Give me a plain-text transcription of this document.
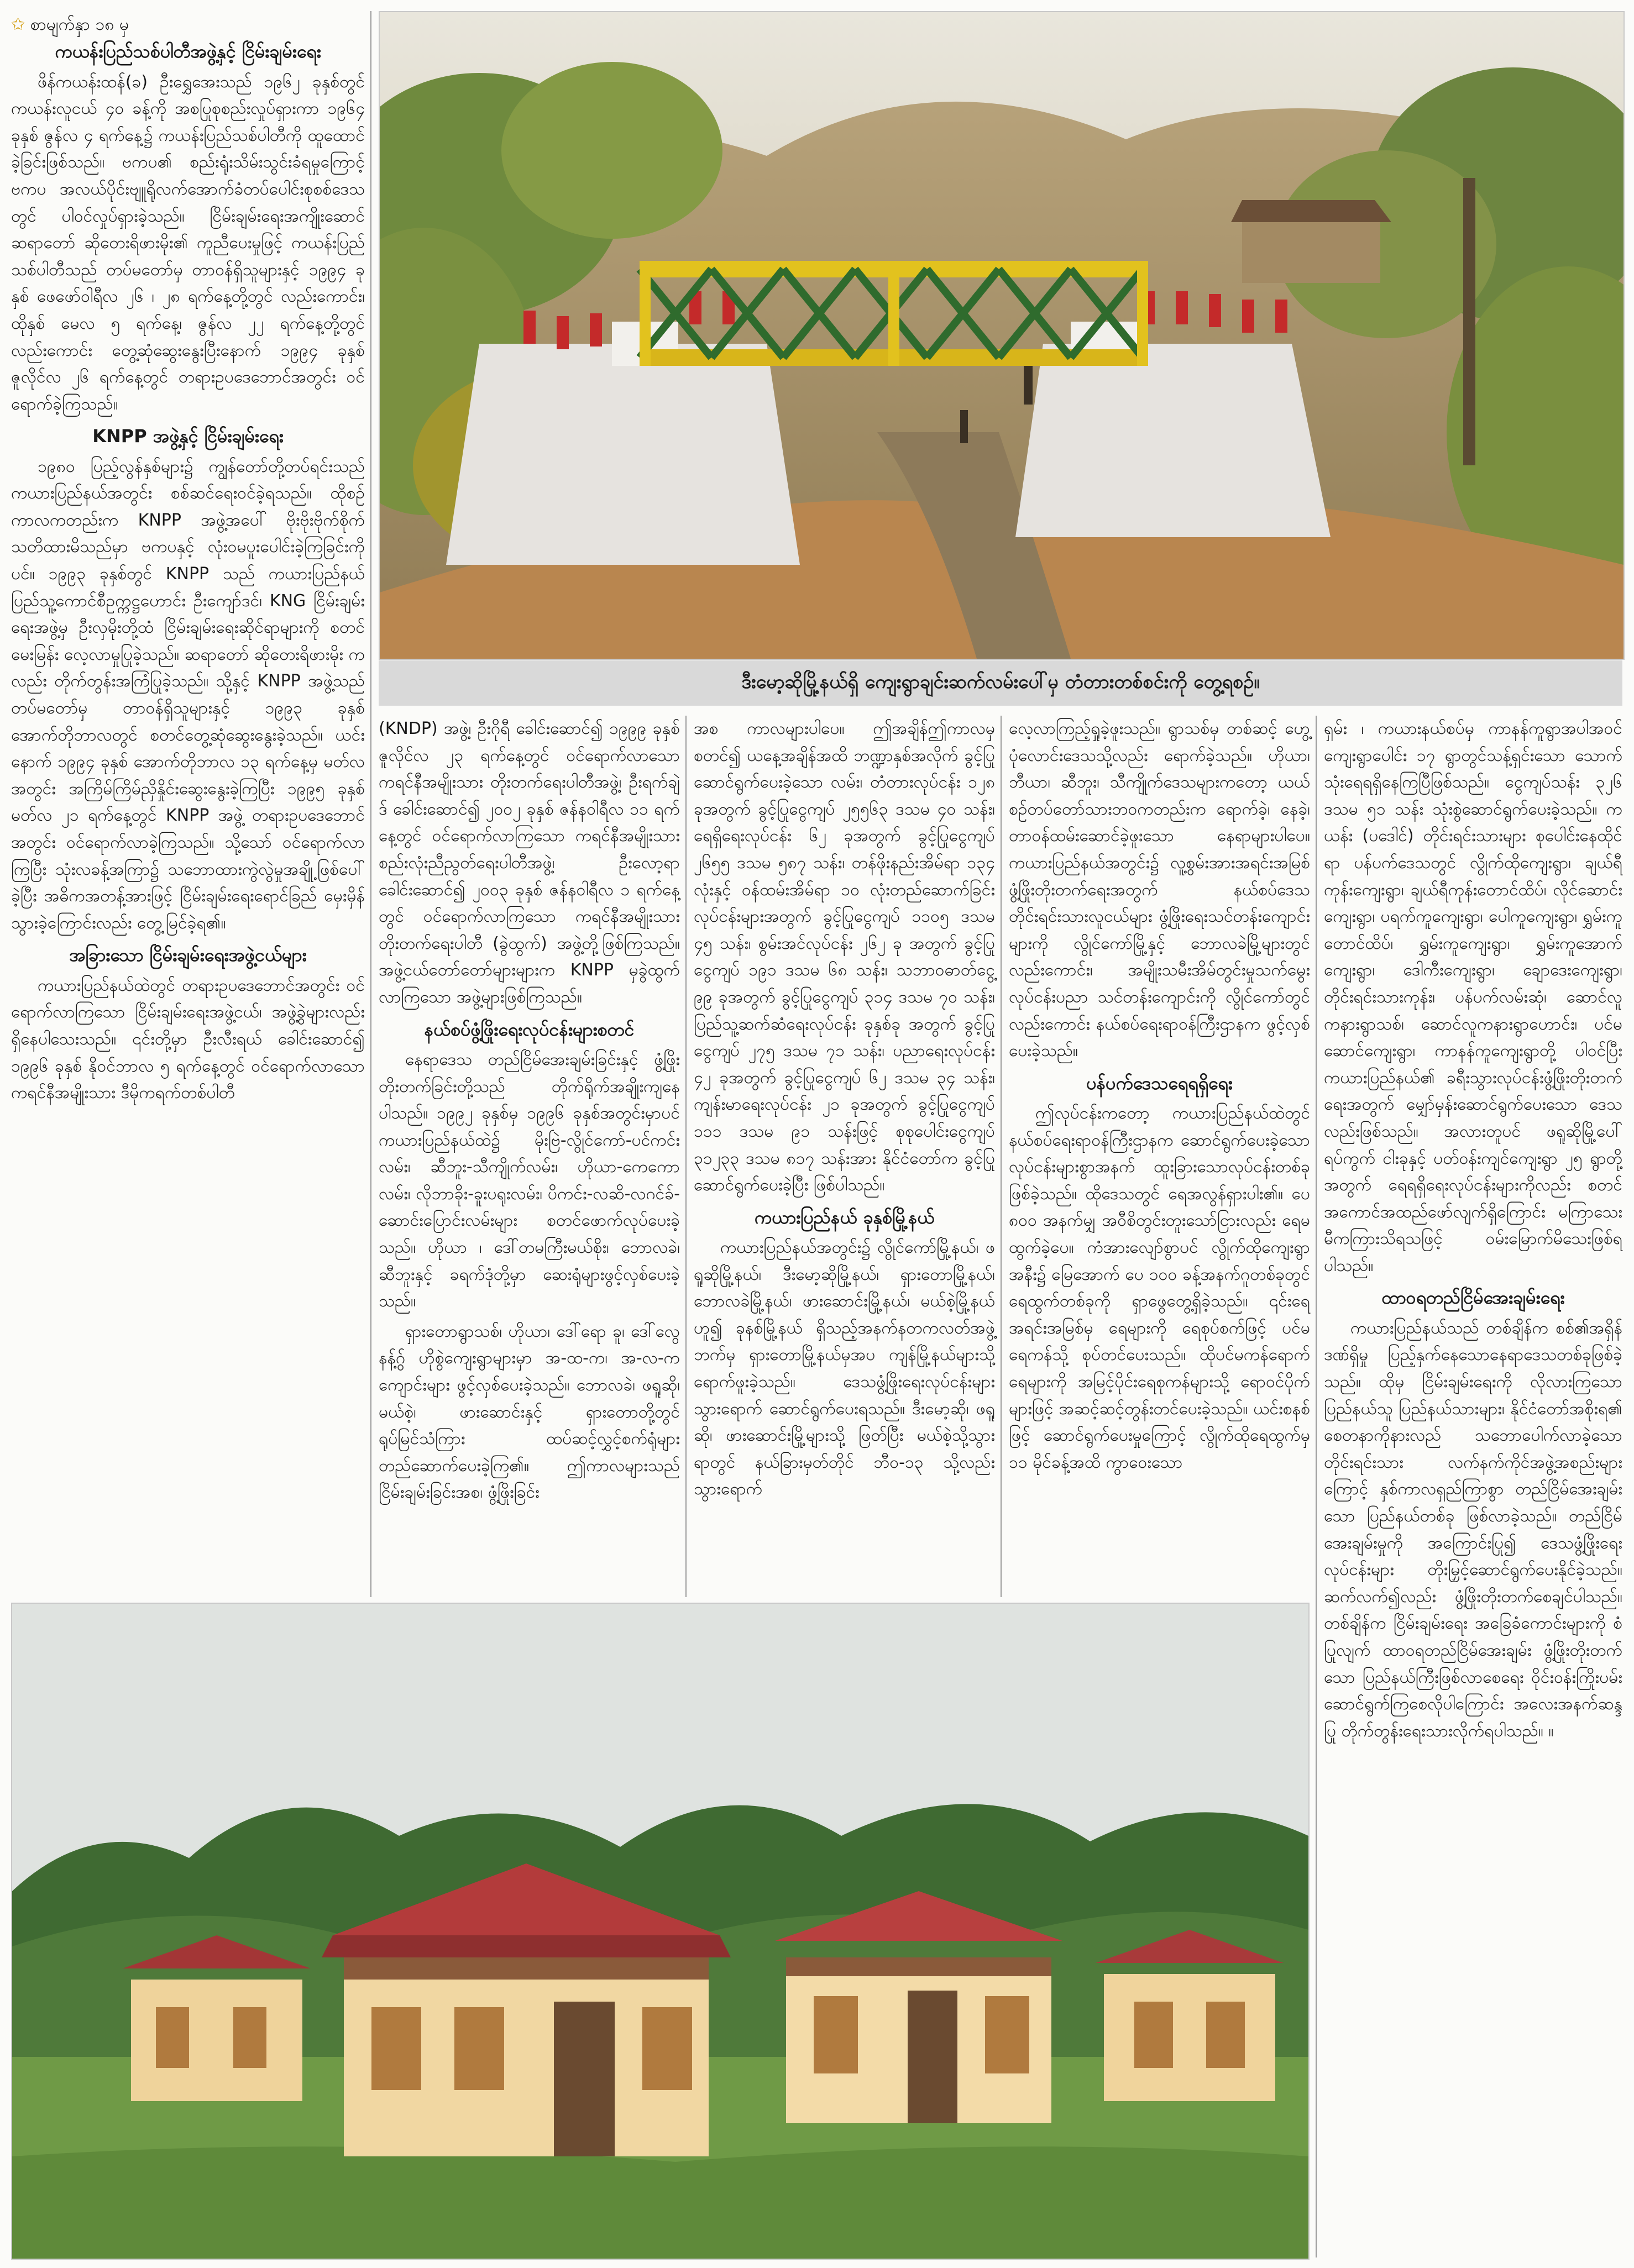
ဒီးမော့ဆိုမြို့နယ်ရှိ ကျေးရွာချင်းဆက်လမ်းပေါ်မှ တံတားတစ်စင်းကို တွေ့ရစဉ်။
✩ စာမျက်နှာ ၁၈ မှ
ကယန်းပြည်သစ်ပါတီအဖွဲ့နှင့် ငြိမ်းချမ်းရေး

ဖိန်ကယန်းထန်(ခ) ဦးရွှေအေးသည် ၁၉၆၂ ခုနှစ်တွင် ကယန်းလူငယ် ၄၀ ခန့်ကို အစပြုစုစည်းလှုပ်ရှားကာ ၁၉၆၄ ခုနှစ် ဇွန်လ ၄ ရက်နေ့၌ ကယန်းပြည်သစ်ပါတီကို ထူထောင်ခဲ့ခြင်းဖြစ်သည်။ ဗကပ၏ စည်းရုံးသိမ်းသွင်းခံရမှုကြောင့် ဗကပ အလယ်ပိုင်းဗျူရိုလက်အောက်ခံတပ်ပေါင်းစုစစ်ဒေသတွင် ပါဝင်လှုပ်ရှားခဲ့သည်။ ငြိမ်းချမ်းရေးအကျိုးဆောင် ဆရာတော် ဆိုတေးရိဖားမိုး၏ ကူညီပေးမှုဖြင့် ကယန်းပြည်သစ်ပါတီသည် တပ်မတော်မှ တာဝန်ရှိသူများနှင့် ၁၉၉၄ ခုနှစ် ဖေဖော်ဝါရီလ ၂၆ ၊ ၂၈ ရက်နေ့တို့တွင် လည်းကောင်း၊ ထိုနှစ် မေလ ၅ ရက်နေ့၊ ဇွန်လ ၂၂ ရက်နေ့တို့တွင်လည်းကောင်း တွေ့ဆုံဆွေးနွေးပြီးနောက် ၁၉၉၄ ခုနှစ် ဇူလိုင်လ ၂၆ ရက်နေ့တွင် တရားဥပဒေဘောင်အတွင်း ဝင်ရောက်ခဲ့ကြသည်။

KNPP အဖွဲ့နှင့် ငြိမ်းချမ်းရေး

၁၉၈၀ ပြည့်လွန်နှစ်များ၌ ကျွန်တော်တို့တပ်ရင်းသည် ကယားပြည်နယ်အတွင်း စစ်ဆင်ရေးဝင်ခဲ့ရသည်။ ထိုစဉ်ကာလကတည်းက KNPP အဖွဲ့အပေါ် ဗိုးဗိုးဗိုက်စိုက် သတိထားမိသည်မှာ ဗကပနှင့် လုံးဝမပူးပေါင်းခဲ့ကြခြင်းကိုပင်။ ၁၉၉၃ ခုနှစ်တွင် KNPP သည် ကယားပြည်နယ် ပြည်သူ့ကောင်စီဥက္ကဋ္ဌဟောင်း ဦးကျော်ဒင်၊ KNG ငြိမ်းချမ်းရေးအဖွဲ့မှ ဦးလှမိုးတို့ထံ ငြိမ်းချမ်းရေးဆိုင်ရာများကို စတင်မေးမြန်း လေ့လာမှုပြုခဲ့သည်။ ဆရာတော် ဆိုတေးရိဖားမိုး ကလည်း တိုက်တွန်းအကြံပြုခဲ့သည်။ သို့နှင့် KNPP အဖွဲ့သည် တပ်မတော်မှ တာဝန်ရှိသူများနှင့် ၁၉၉၃ ခုနှစ် အောက်တိုဘာလတွင် စတင်တွေ့ဆုံဆွေးနွေးခဲ့သည်။ ယင်းနောက် ၁၉၉၄ ခုနှစ် အောက်တိုဘာလ ၁၃ ရက်နေ့မှ မတ်လအတွင်း အကြိမ်ကြိမ်ညှိနှိုင်းဆွေးနွေးခဲ့ကြပြီး ၁၉၉၅ ခုနှစ် မတ်လ ၂၁ ရက်နေ့တွင် KNPP အဖွဲ့ တရားဥပဒေဘောင်အတွင်း ဝင်ရောက်လာခဲ့ကြသည်။ သို့သော် ဝင်ရောက်လာကြပြီး သုံးလခန့်အကြာ၌ သဘောထားကွဲလွဲမှုအချို့ဖြစ်ပေါ်ခဲ့ပြီး အဓိကအတန့်အားဖြင့် ငြိမ်းချမ်းရေးရောင်ခြည် မှေးမှိန်သွားခဲ့ကြောင်းလည်း တွေ့မြင်ခဲ့ရ၏။

အခြားသော ငြိမ်းချမ်းရေးအဖွဲ့ငယ်များ

ကယားပြည်နယ်ထဲတွင် တရားဥပဒေဘောင်အတွင်း ဝင်ရောက်လာကြသော ငြိမ်းချမ်းရေးအဖွဲ့ငယ်၊ အဖွဲ့ခွဲများလည်း ရှိနေပါသေးသည်။ ၎င်းတို့မှာ ဦးလီးရယ် ခေါင်းဆောင်၍ ၁၉၉၆ ခုနှစ် နိုဝင်ဘာလ ၅ ရက်နေ့တွင် ဝင်ရောက်လာသော ကရင်နီအမျိုးသား ဒီမိုကရက်တစ်ပါတီ

(KNDP) အဖွဲ့၊ ဦးဂိုရီ ခေါင်းဆောင်၍ ၁၉၉၉ ခုနှစ် ဇူလိုင်လ ၂၃ ရက်နေ့တွင် ဝင်ရောက်လာသော ကရင်နီအမျိုးသား တိုးတက်ရေးပါတီအဖွဲ့၊ ဦးရက်ချဲဒ် ခေါင်းဆောင်၍ ၂၀၀၂ ခုနှစ် ဇန်နဝါရီလ ၁၁ ရက်နေ့တွင် ဝင်ရောက်လာကြသော ကရင်နီအမျိုးသားစည်းလုံးညီညွတ်ရေးပါတီအဖွဲ့၊ ဦးလော့ရာခေါင်းဆောင်၍ ၂၀၀၃ ခုနှစ် ဇန်နဝါရီလ ၁ ရက်နေ့တွင် ဝင်ရောက်လာကြသော ကရင်နီအမျိုးသားတိုးတက်ရေးပါတီ (ခွဲထွက်) အဖွဲ့တို့ဖြစ်ကြသည်။ အဖွဲ့ငယ်တော်တော်များများက KNPP မှခွဲထွက်လာကြသော အဖွဲ့များဖြစ်ကြသည်။

နယ်စပ်ဖွံ့ဖြိုးရေးလုပ်ငန်းများစတင်

နေရာဒေသ တည်ငြိမ်အေးချမ်းခြင်းနှင့် ဖွံ့ဖြိုးတိုးတက်ခြင်းတို့သည် တိုက်ရိုက်အချိုးကျနေပါသည်။ ၁၉၉၂ ခုနှစ်မှ ၁၉၉၆ ခုနှစ်အတွင်းမှာပင် ကယားပြည်နယ်ထဲ၌ မိုးဗြဲ-လွိုင်ကော်-ပင်ကင်းလမ်း၊ ဆီဘူး-သီကျိုက်လမ်း၊ ဟိုယာ-ကေကောလမ်း၊ လိုဘာခိုး-ခူးပရုးလမ်း၊ ပိကင်း-လဆိ-လဂင်ခ်-ဆောင်းပြောင်းလမ်းများ စတင်ဖောက်လုပ်ပေးခဲ့သည်။ ဟိုယာ ၊ ဒေါ်တမကြီးမယ်စိုး၊ ဘောလခဲ၊ ဆီဘူးနှင့် ခရက်ဒုံတို့မှာ ဆေးရုံများဖွင့်လှစ်ပေးခဲ့သည်။

ရှားတောရွာသစ်၊ ဟိုယာ၊ ဒေါ်ရော ခူ၊ ဒေါ်လွေနန့်ဂွ် ဟိုစွဲကျေးရွာများမှာ အ-ထ-က၊ အ-လ-က ကျောင်းများ ဖွင့်လှစ်ပေးခဲ့သည်။ ဘောလခဲ၊ ဖရူဆို၊ မယ်စဲ့၊ ဖားဆောင်းနှင့် ရှားတောတို့တွင် ရုပ်မြင်သံကြား ထပ်ဆင့်လွှင့်စက်ရုံများ တည်ဆောက်ပေးခဲ့ကြ၏။ ဤကာလများသည် ငြိမ်းချမ်းခြင်းအစ၊ ဖွံ့ဖြိုးခြင်း

အစ ကာလများပါပေ။ ဤအချိန်ဤကာလမှစတင်၍ ယနေ့အချိန်အထိ ဘဏ္ဍာနှစ်အလိုက် ခွင့်ပြုဆောင်ရွက်ပေးခဲ့သော လမ်း၊ တံတားလုပ်ငန်း ၁၂၈ ခုအတွက် ခွင့်ပြုငွေကျပ် ၂၅၅၆၃ ဒသမ ၄၀ သန်း၊ ရေရှိရေးလုပ်ငန်း ၆၂ ခုအတွက် ခွင့်ပြုငွေကျပ် ၂၆၅၅ ဒသမ ၅၈၇ သန်း၊ တန်ဖိုးနည်းအိမ်ရာ ၁၃၄ လုံးနှင့် ဝန်ထမ်းအိမ်ရာ ၁၀ လုံးတည်ဆောက်ခြင်းလုပ်ငန်းများအတွက် ခွင့်ပြုငွေကျပ် ၁၁၀၅ ဒသမ ၄၅ သန်း၊ စွမ်းအင်လုပ်ငန်း ၂၆၂ ခု အတွက် ခွင့်ပြုငွေကျပ် ၁၉၁ ဒသမ ၆၈ သန်း၊ သဘာဝဓာတ်ငွေ့ ၉၉ ခုအတွက် ခွင့်ပြုငွေကျပ် ၃၁၄ ဒသမ ၇၀ သန်း၊ ပြည်သူ့ဆက်ဆံရေးလုပ်ငန်း ခုနှစ်ခု အတွက် ခွင့်ပြုငွေကျပ် ၂၇၅ ဒသမ ၇၁ သန်း၊ ပညာရေးလုပ်ငန်း ၄၂ ခုအတွက် ခွင့်ပြုငွေကျပ် ၆၂ ဒသမ ၃၄ သန်း၊ ကျန်းမာရေးလုပ်ငန်း ၂၁ ခုအတွက် ခွင့်ပြုငွေကျပ် ၁၁၁ ဒသမ ၉၁ သန်းဖြင့် စုစုပေါင်းငွေကျပ် ၃၁၂၃၃ ဒသမ ၈၁၇ သန်းအား နိုင်ငံတော်က ခွင့်ပြုဆောင်ရွက်ပေးခဲ့ပြီး ဖြစ်ပါသည်။

ကယားပြည်နယ် ခုနှစ်မြို့နယ်

ကယားပြည်နယ်အတွင်း၌ လွိုင်ကော်မြို့နယ်၊ ဖရူဆိုမြို့နယ်၊ ဒီးမော့ဆိုမြို့နယ်၊ ရှားတောမြို့နယ်၊ ဘောလခဲမြို့နယ်၊ ဖားဆောင်းမြို့နယ်၊ မယ်စဲ့မြို့နယ်ဟူ၍ ခုနစ်မြို့နယ် ရှိသည့်အနက်နတကလတ်အဖွဲ့ဘက်မှ ရှားတောမြို့နယ်မှအပ ကျန်မြို့နယ်များသို့ ရောက်ဖူးခဲ့သည်။ ဒေသဖွံ့ဖြိုးရေးလုပ်ငန်းများသွားရောက် ဆောင်ရွက်ပေးရသည်။ ဒီးမော့ဆို၊ ဖရူဆို၊ ဖားဆောင်းမြို့များသို့ ဖြတ်ပြီး မယ်စဲ့သို့သွားရာတွင် နယ်ခြားမှတ်တိုင် ဘီ၀-၁၃ သို့လည်း သွားရောက်

လေ့လာကြည့်ရှုခဲ့ဖူးသည်။ ရွာသစ်မှ တစ်ဆင့် ဟွေ့ပုံလောင်းဒေသသို့လည်း ရောက်ခဲ့သည်။ ဟိုယာ၊ ဘီယာ၊ ဆီဘူး၊ သီကျိုက်ဒေသများကတော့ ယယ်စဉ်တပ်တော်သားဘဝကတည်းက ရောက်ခဲ့၊ နေခဲ့၊ တာဝန်ထမ်းဆောင်ခဲ့ဖူးသော နေရာများပါပေ။ ကယားပြည်နယ်အတွင်း၌ လူ့စွမ်းအားအရင်းအမြစ်ဖွံ့ဖြိုးတိုးတက်ရေးအတွက် နယ်စပ်ဒေသတိုင်းရင်းသားလူငယ်များ ဖွံ့ဖြိုးရေးသင်တန်းကျောင်းများကို လွိုင်ကော်မြို့နှင့် ဘောလခဲမြို့များတွင် လည်းကောင်း၊ အမျိုးသမီးအိမ်တွင်းမှုသက်မွေးလုပ်ငန်းပညာ သင်တန်းကျောင်းကို လွိုင်ကော်တွင် လည်းကောင်း နယ်စပ်ရေးရာဝန်ကြီးဌာနက ဖွင့်လှစ်ပေးခဲ့သည်။

ပန်ပက်ဒေသရေရရှိရေး

ဤလုပ်ငန်းကတော့ ကယားပြည်နယ်ထဲတွင် နယ်စပ်ရေးရာဝန်ကြီးဌာနက ဆောင်ရွက်ပေးခဲ့သော လုပ်ငန်းများစွာအနက် ထူးခြားသောလုပ်ငန်းတစ်ခုဖြစ်ခဲ့သည်။ ထိုဒေသတွင် ရေအလွန်ရှားပါး၏။ ပေ ၈၀၀ အနက်မျှ အဝီစိတွင်းတူးသော်ငြားလည်း ရေမထွက်ခဲ့ပေ။ ကံအားလျော်စွာပင် လွိုက်ထိုကျေးရွာအနီး၌ မြေအောက် ပေ ၁၀၀ ခန့်အနက်ဂူတစ်ခုတွင် ရေထွက်တစ်ခုကို ရှာဖွေတွေ့ရှိခဲ့သည်။ ၎င်းရေအရင်းအမြစ်မှ ရေများကို ရေစုပ်စက်ဖြင့် ပင်မ ရေကန်သို့ စုပ်တင်ပေးသည်။ ထိုပင်မကန်ရောက်ရေများကို အမြင့်ပိုင်းရေစုကန်များသို့ ရောဝင်ပိုက်များဖြင့် အဆင့်ဆင့်တွန်းတင်ပေးခဲ့သည်။ ယင်းစနစ်ဖြင့် ဆောင်ရွက်ပေးမှုကြောင့် လွိုက်ထိုရေထွက်မှ ၁၁ မိုင်ခန့်အထိ ကွာဝေးသော

ရှမ်း ၊ ကယားနယ်စပ်မှ ကာနန်ကူရွာအပါအဝင် ကျေးရွာပေါင်း ၁၇ ရွာတွင်သန့်ရှင်းသော သောက်သုံးရေရရှိနေကြပြီဖြစ်သည်။ ငွေကျပ်သန်း ၃၂၆ ဒသမ ၅၁ သန်း သုံးစွဲဆောင်ရွက်ပေးခဲ့သည်။ ကယန်း (ပဒေါင်) တိုင်းရင်းသားများ စုပေါင်းနေထိုင်ရာ ပန်ပက်ဒေသတွင် လွိုက်ထိုကျေးရွာ၊ ချယ်ရီကုန်းကျေးရွာ၊ ချယ်ရီကုန်းတောင်ထိပ်၊ လိုင်ဆောင်းကျေးရွာ၊ ပရက်ကူကျေးရွာ၊ ပေါကူကျေးရွာ၊ ရွှမ်းကူတောင်ထိပ်၊ ရွှမ်းကူကျေးရွာ၊ ရွှမ်းကူအောက်ကျေးရွာ၊ ဒေါကီးကျေးရွာ၊ ချောဒေးကျေးရွာ၊ တိုင်းရင်းသားကုန်း၊ ပန်ပက်လမ်းဆုံ၊ ဆောင်လူကနားရွာသစ်၊ ဆောင်လူကနားရွာဟောင်း၊ ပင်မဆောင်ကျေးရွာ၊ ကာနန်ကူကျေးရွာတို့ ပါဝင်ပြီး ကယားပြည်နယ်၏ ခရီးသွားလုပ်ငန်းဖွံ့ဖြိုးတိုးတက်ရေးအတွက် မျှော်မှန်းဆောင်ရွက်ပေးသော ဒေသလည်းဖြစ်သည်။ အလားတူပင် ဖရူဆိုမြို့ပေါ်ရပ်ကွက် ငါးခုနှင့် ပတ်ဝန်းကျင်ကျေးရွာ ၂၅ ရွာတို့အတွက် ရေရရှိရေးလုပ်ငန်းများကိုလည်း စတင်အကောင်အထည်ဖော်လျက်ရှိကြောင်း မကြာသေးမီကကြားသိရသဖြင့် ဝမ်းမြောက်မိသေးဖြစ်ရပါသည်။

ထာဝရတည်ငြိမ်အေးချမ်းရေး

ကယားပြည်နယ်သည် တစ်ချိန်က စစ်၏အရှိန်ဒဏ်ရှိမှု ပြည့်နှက်နေသောနေရာဒေသတစ်ခုဖြစ်ခဲ့သည်။ ထိုမှ ငြိမ်းချမ်းရေးကို လိုလားကြသော ပြည်နယ်သူ ပြည်နယ်သားများ၊ နိုင်ငံတော်အစိုးရ၏ စေတနာကိုနားလည် သဘောပေါက်လာခဲ့သော တိုင်းရင်းသား လက်နက်ကိုင်အဖွဲ့အစည်းများကြောင့် နှစ်ကာလရှည်ကြာစွာ တည်ငြိမ်အေးချမ်းသော ပြည်နယ်တစ်ခု ဖြစ်လာခဲ့သည်။ တည်ငြိမ်အေးချမ်းမှုကို အကြောင်းပြု၍ ဒေသဖွံ့ဖြိုးရေးလုပ်ငန်းများ တိုးမြှင့်ဆောင်ရွက်ပေးနိုင်ခဲ့သည်။ ဆက်လက်၍လည်း ဖွံ့ဖြိုးတိုးတက်စေချင်ပါသည်။ တစ်ချိန်က ငြိမ်းချမ်းရေး အခြေခံကောင်းများကို စံပြုလျက် ထာဝရတည်ငြိမ်အေးချမ်း ဖွံ့ဖြိုးတိုးတက်သော ပြည်နယ်ကြီးဖြစ်လာစေရေး ဝိုင်းဝန်းကြိုးပမ်းဆောင်ရွက်ကြစေလိုပါကြောင်း အလေးအနက်ဆန္ဒပြု တိုက်တွန်းရေးသားလိုက်ရပါသည်။ ။
